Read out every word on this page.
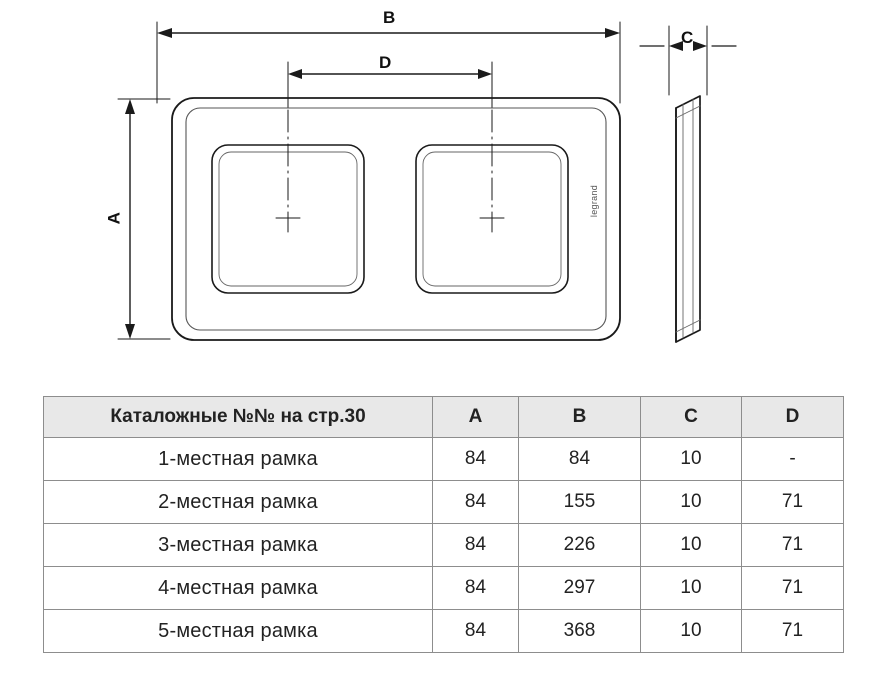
B
D
C
A
legrand
Каталожные №№ на стр.30	A	B	C	D
1-местная рамка	84	84	10	-
2-местная рамка	84	155	10	71
3-местная рамка	84	226	10	71
4-местная рамка	84	297	10	71
5-местная рамка	84	368	10	71
